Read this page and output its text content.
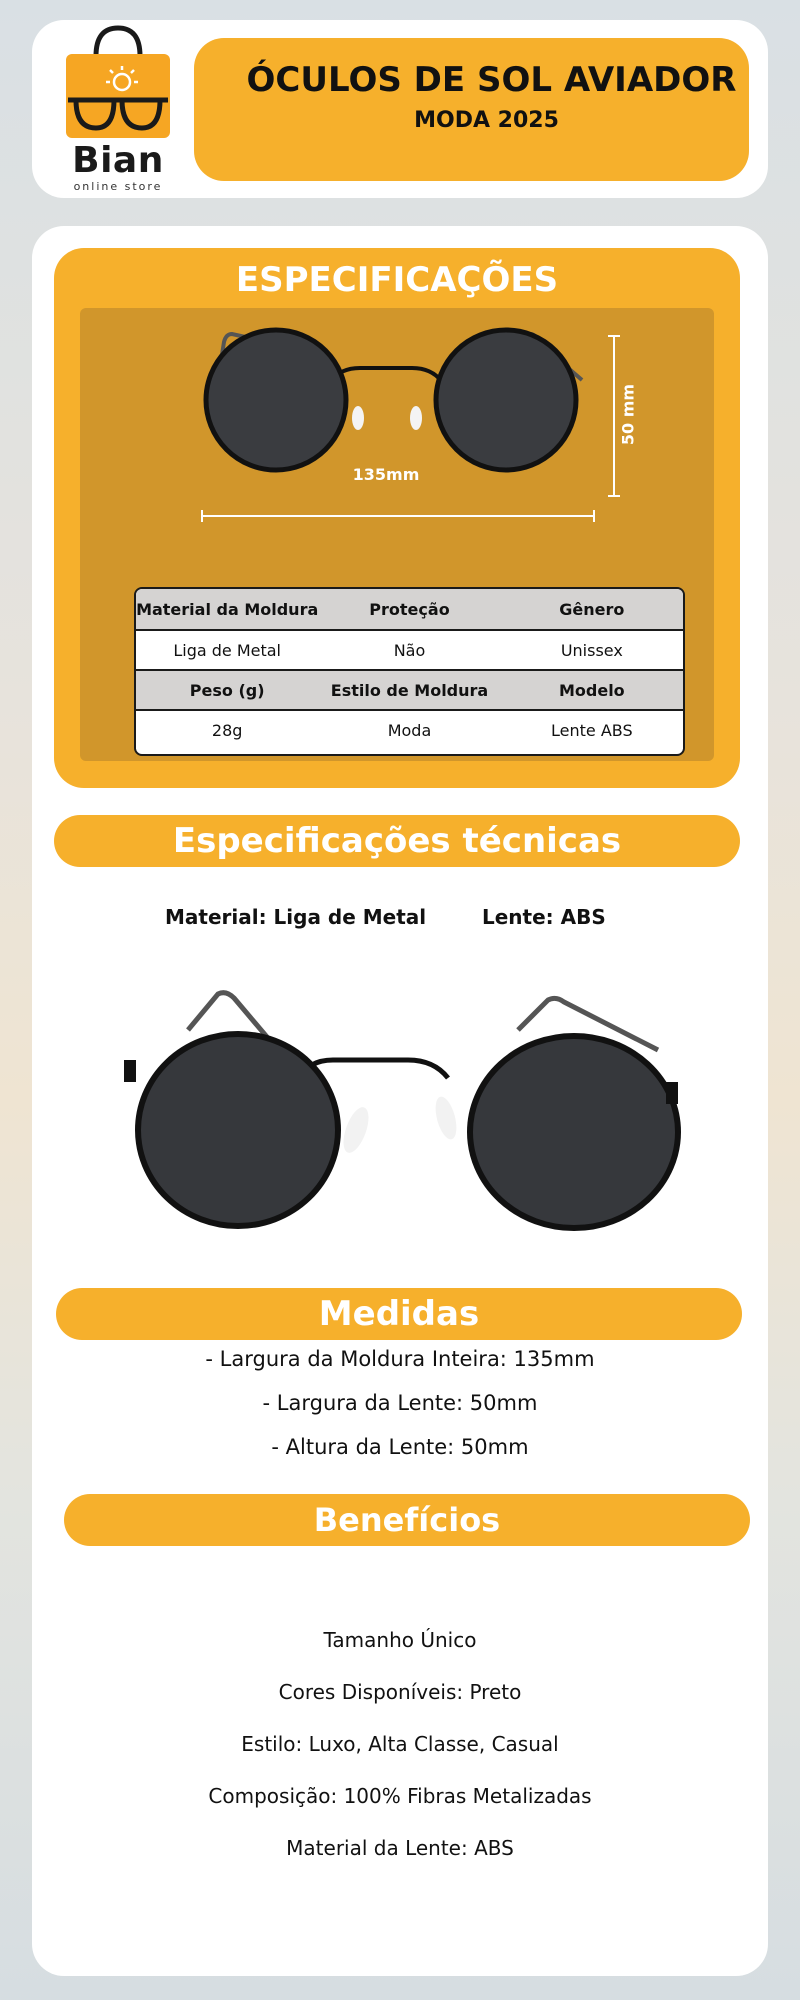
Bian
online store
ÓCULOS DE SOL AVIADOR
MODA 2025
ESPECIFICAÇÕES
135mm
50 mm
Material da Moldura	Proteção	Gênero
Liga de Metal	Não	Unissex
Peso (g)	Estilo de Moldura	Modelo
28g	Moda	Lente ABS
Especificações técnicas
Material: Liga de Metal	Lente: ABS
Medidas
- Largura da Moldura Inteira: 135mm
- Largura da Lente: 50mm
- Altura da Lente: 50mm
Benefícios
Tamanho Único
Cores Disponíveis: Preto
Estilo: Luxo, Alta Classe, Casual
Composição: 100% Fibras Metalizadas
Material da Lente: ABS
